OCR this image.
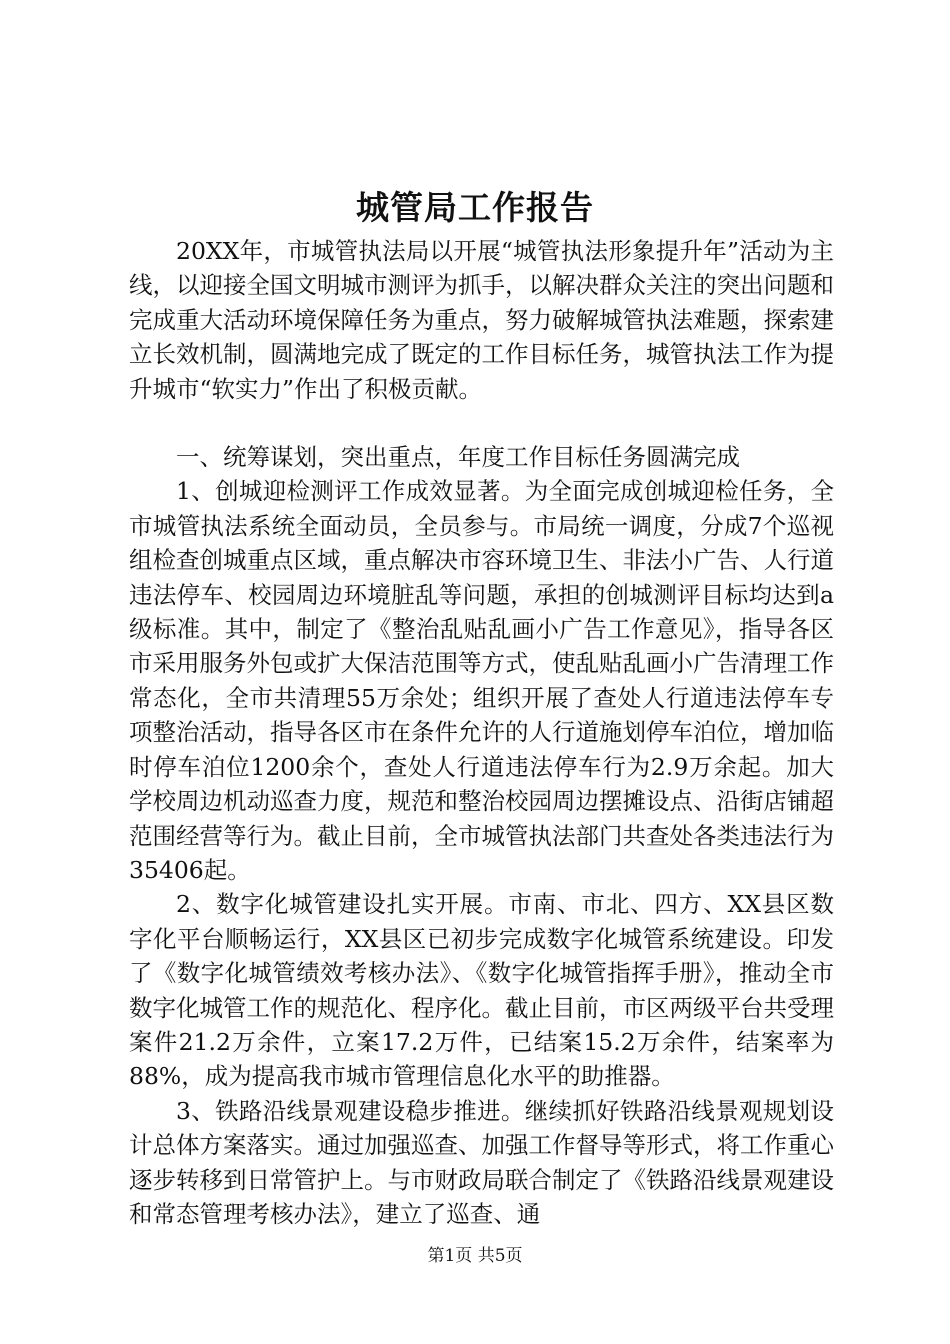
城管局工作报告

20XX年，市城管执法局以开展“城管执法形象提升年”活动为主线，以迎接全国文明城市测评为抓手，以解决群众关注的突出问题和完成重大活动环境保障任务为重点，努力破解城管执法难题，探索建立长效机制，圆满地完成了既定的工作目标任务，城管执法工作为提升城市“软实力”作出了积极贡献。

一、统筹谋划，突出重点，年度工作目标任务圆满完成

1、创城迎检测评工作成效显著。为全面完成创城迎检任务，全市城管执法系统全面动员，全员参与。市局统一调度，分成7个巡视组检查创城重点区域，重点解决市容环境卫生、非法小广告、人行道违法停车、校园周边环境脏乱等问题，承担的创城测评目标均达到a级标准。其中，制定了《整治乱贴乱画小广告工作意见》，指导各区市采用服务外包或扩大保洁范围等方式，使乱贴乱画小广告清理工作常态化，全市共清理55万余处；组织开展了查处人行道违法停车专项整治活动，指导各区市在条件允许的人行道施划停车泊位，增加临时停车泊位1200余个，查处人行道违法停车行为2.9万余起。加大学校周边机动巡查力度，规范和整治校园周边摆摊设点、沿街店铺超范围经营等行为。截止目前，全市城管执法部门共查处各类违法行为35406起。

2、数字化城管建设扎实开展。市南、市北、四方、XX县区数字化平台顺畅运行，XX县区已初步完成数字化城管系统建设。印发了《数字化城管绩效考核办法》、《数字化城管指挥手册》，推动全市数字化城管工作的规范化、程序化。截止目前，市区两级平台共受理案件21.2万余件，立案17.2万件，已结案15.2万余件，结案率为88%，成为提高我市城市管理信息化水平的助推器。

3、铁路沿线景观建设稳步推进。继续抓好铁路沿线景观规划设计总体方案落实。通过加强巡查、加强工作督导等形式，将工作重心逐步转移到日常管护上。与市财政局联合制定了《铁路沿线景观建设和常态管理考核办法》，建立了巡查、通

第1页 共5页
